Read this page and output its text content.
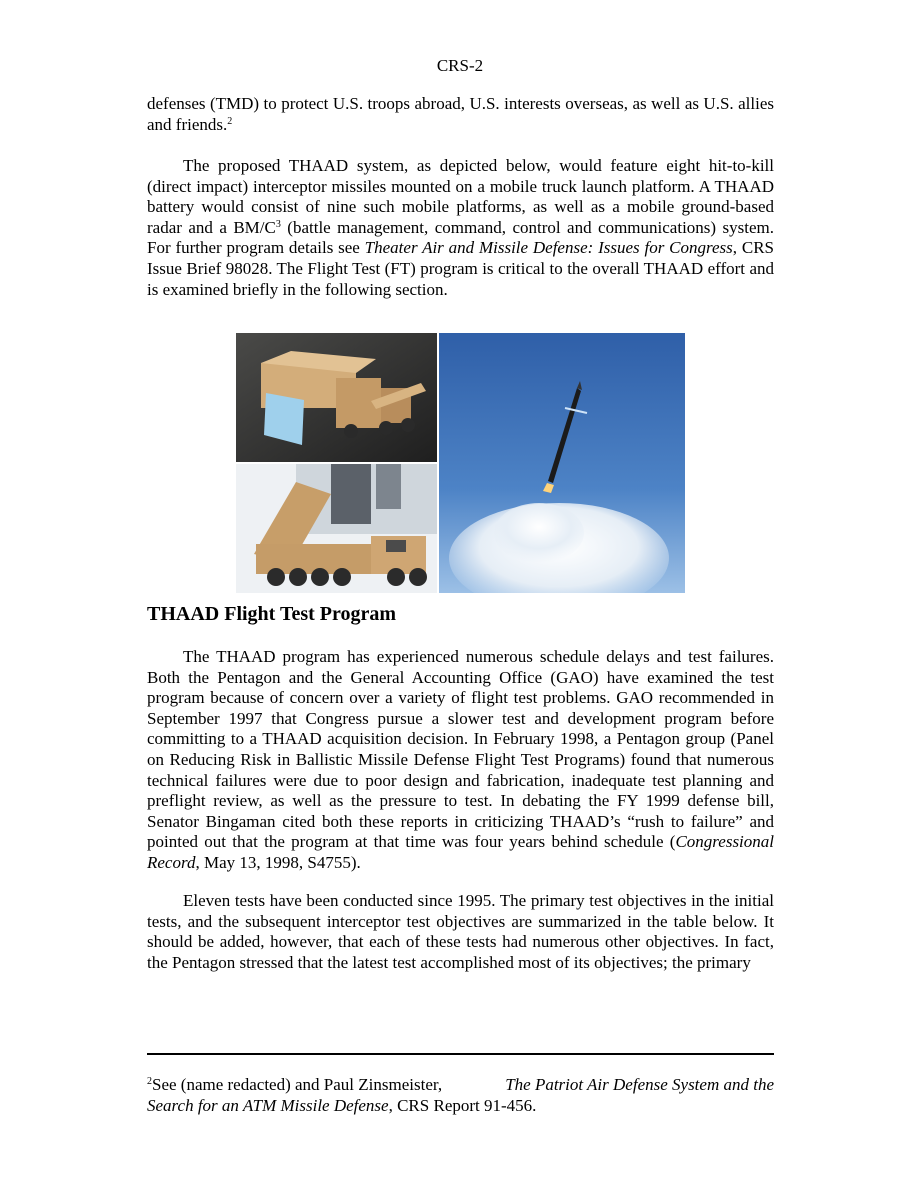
CRS-2

defenses (TMD) to protect U.S. troops abroad, U.S. interests overseas, as well as U.S. allies and friends.$^2$

The proposed THAAD system, as depicted below, would feature eight hit-to-kill (direct impact) interceptor missiles mounted on a mobile truck launch platform. A THAAD battery would consist of nine such mobile platforms, as well as a mobile ground-based radar and a $BM/C^3$ (battle management, command, control and communications) system. For further program details see Theater Air and Missile Defense: Issues for Congress, CRS Issue Brief 98028. The Flight Test (FT) program is critical to the overall THAAD effort and is examined briefly in the following section.

THAAD Flight Test Program

The THAAD program has experienced numerous schedule delays and test failures. Both the Pentagon and the General Accounting Office (GAO) have examined the test program because of concern over a variety of flight test problems. GAO recommended in September 1997 that Congress pursue a slower test and development program before committing to a THAAD acquisition decision. In February 1998, a Pentagon group (Panel on Reducing Risk in Ballistic Missile Defense Flight Test Programs) found that numerous technical failures were due to poor design and fabrication, inadequate test planning and preflight review, as well as the pressure to test. In debating the FY 1999 defense bill, Senator Bingaman cited both these reports in criticizing THAAD’s “rush to failure” and pointed out that the program at that time was four years behind schedule (Congressional Record, May 13, 1998, S4755).

Eleven tests have been conducted since 1995. The primary test objectives in the initial tests, and the subsequent interceptor test objectives are summarized in the table below. It should be added, however, that each of these tests had numerous other objectives. In fact, the Pentagon stressed that the latest test accomplished most of its objectives; the primary

$^2$See (name redacted) and Paul Zinsmeister,	The Patriot Air Defense System and the
Search for an ATM Missile Defense, CRS Report 91-456.
